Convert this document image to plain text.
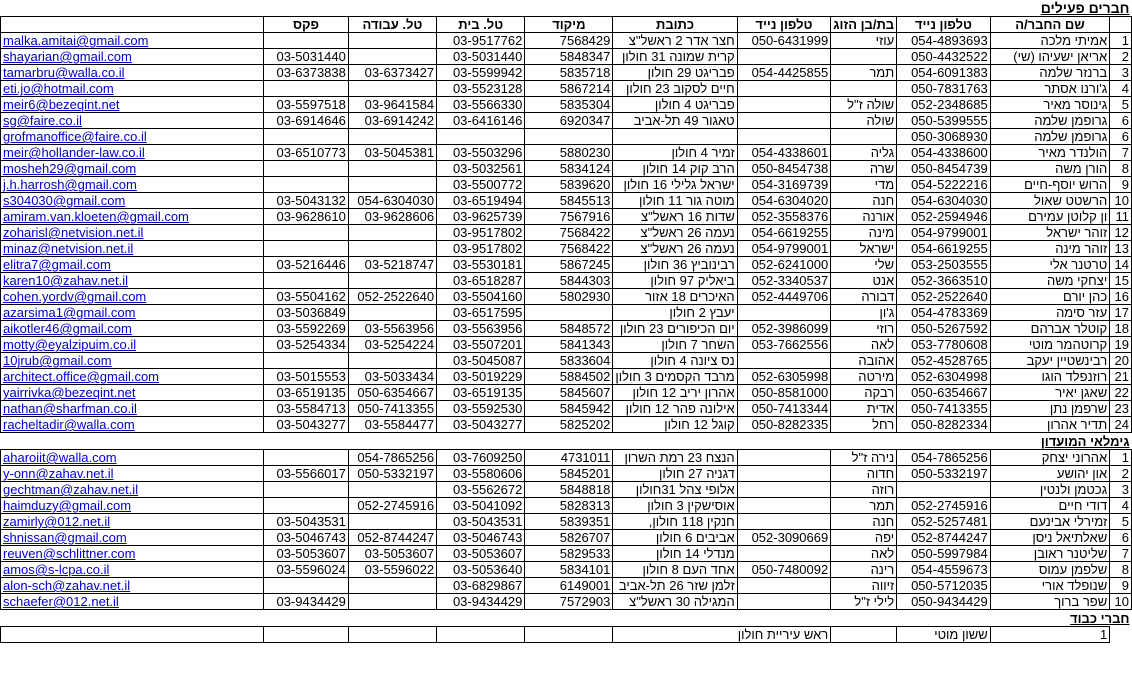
									חברים פעילים	
	פקס	טל. עבודה	טל. בית	מיקוד	כתובת	טלפון נייד	בת/בן הזוג	טלפון נייד	שם החבר/ה	
malka.amitai@gmail.com			03-9517762	7568429	חצר אדר 2 ראשל"צ	050-6431999	עוזי	054-4893693	אמיתי מלכה	1
shayarian@gmail.com	03-5031440		03-5031440	5848347	קרית שמונה 31 חולון			050-4432522	אריאן ישעיהו (שי)	2
tamarbru@walla.co.il	03-6373838	03-6373427	03-5599942	5835718	פבריגט 29 חולון	054-4425855	תמר	054-6091383	ברנזר שלמה	3
eti.jo@hotmail.com			03-5523128	5867214	חיים לסקוב 23 חולון			050-7831763	ג'ורנו אסתר	4
meir6@bezeqint.net	03-5597518	03-9641584	03-5566330	5835304	פבריגט 4 חולון		שולה ז"ל	052-2348685	גינוסר מאיר	5
sg@faire.co.il	03-6914646	03-6914242	03-6416146	6920347	טאגור 49 תל-אביב		שולה	050-5399555	גרופמן שלמה	6
grofmanoffice@faire.co.il								050-3068930	גרופמן שלמה	6
meir@hollander-law.co.il	03-6510773	03-5045381	03-5503296	5880230	זמיר 4 חולון	054-4338601	גליה	054-4338600	הולנדר מאיר	7
mosheh29@gmail.com			03-5032561	5834124	הרב קוק 14 חולון	050-8454738	שרה	050-8454739	הורן משה	8
j.h.harrosh@gmail.com			03-5500772	5839620	ישראל גלילי 16 חולון	054-3169739	מדי	054-5222216	הרוש יוסף-חיים	9
s304030@gmail.com	03-5043132	054-6304030	03-6519494	5845513	מוטה גור 11 חולון	054-6304020	חנה	054-6304030	הרשטט שאול	10
amiram.van.kloeten@gmail.com	03-9628610	03-9628606	03-9625739	7567916	שדות 16 ראשל"צ	052-3558376	אורנה	052-2594946	ון קלוטן עמירם	11
zoharisl@netvision.net.il			03-9517802	7568422	נעמה 26 ראשל"צ	054-6619255	מינה	054-9799001	זוהר ישראל	12
minaz@netvision.net.il			03-9517802	7568422	נעמה 26 ראשל"צ	054-9799001	ישראל	054-6619255	זוהר מינה	13
elitra7@gmail.com	03-5216446	03-5218747	03-5530181	5867245	רבינוביץ 36 חולון	052-6241000	שלי	053-2503555	טרטנר אלי	14
karen10@zahav.net.il			03-6518287	5844303	ביאליק 97 חולון	052-3340537	אנט	052-3663510	יצחקי משה	15
cohen.yordv@gmail.com	03-5504162	052-2522640	03-5504160	5802930	האיכרים 18 אזור	052-4449706	דבורה	052-2522640	כהן יורם	16
azarsima1@gmail.com	03-5036849		03-6517595		יעבץ 2 חולון		ג'ון	054-4783369	עזר סימה	17
aikotler46@gmail.com	03-5592269	03-5563956	03-5563956	5848572	יום הכיפורים 23 חולון	052-3986099	רוזי	050-5267592	קוטלר אברהם	18
motty@eyalzipuim.co.il	03-5254334	03-5254224	03-5507201	5841343	השחר 7 חולון	053-7662556	לאה	053-7780608	קרוטהמר מוטי	19
10jrub@gmail.com			03-5045087	5833604	נס ציונה 4 חולון		אהובה	052-4528765	רבינשטיין יעקב	20
architect.office@gmail.com	03-5015553	03-5033434	03-5019229	5884502	מרבד הקסמים 3 חולון	052-6305998	מירטה	052-6304998	רוזנפלד הוגו	21
yairrivka@bezeqint.net	03-6519135	050-6354667	03-6519135	5845607	אהרון יריב 12 חולון	050-8581000	רבקה	050-6354667	שאגן יאיר	22
nathan@sharfman.co.il	03-5584713	050-7413355	03-5592530	5845942	אילונה פהר 12 חולון	050-7413344	אדית	050-7413355	שרפמן נתן	23
racheltadir@walla.com	03-5043277	03-5584477	03-5043277	5825202	קוגל 12 חולון	050-8282335	רחל	050-8282334	תדיר אהרון	24
									גימלאי המועדון	
aharoiit@walla.com		054-7865256	03-7609250	4731011	הנצח 23 רמת השרון		נירה ז"ל	054-7865256	אהרוני יצחק	1
y-onn@zahav.net.il	03-5566017	050-5332197	03-5580606	5845201	דגניה 27 חולון		חדוה	050-5332197	און יהושע	2
gechtman@zahav.net.il			03-5562672	5848818	אלופי צהל 31חולון		רוזה		גכטמן ולנטין	3
haimduzy@gmail.com		052-2745916	03-5041092	5828313	אוסישקין 3 חולון		תמר	052-2745916	דודי חיים	4
zamirly@012.net.il	03-5043531		03-5043531	5839351	חנקין 118 חולון,		חנה	052-5257481	זמירלי אבינעם	5
shnissan@gmail.com	03-5046743	052-8744247	03-5046743	5826707	אביבים 6 חולון	052-3090669	יפה	052-8744247	שאלתיאל ניסן	6
reuven@schlittner.com	03-5053607	03-5053607	03-5053607	5829533	מנדלי 14 חולון		לאה	050-5997984	שליטנר ראובן	7
amos@s-lcpa.co.il	03-5596024	03-5596022	03-5053640	5834101	אחד העם 8 חולון	050-7480092	רינה	054-4559673	שלפמן עמוס	8
alon-sch@zahav.net.il			03-6829867	6149001	זלמן שזר 26 תל-אביב		זיווה	050-5712035	שנופלד אורי	9
schaefer@012.net.il	03-9434429		03-9434429	7572903	המגילה 30 ראשל"צ		לילי ז"ל	050-9434429	שפר ברוך	10
									חברי כבוד	
					ראש עיריית חולון			ששון מוטי	1	
